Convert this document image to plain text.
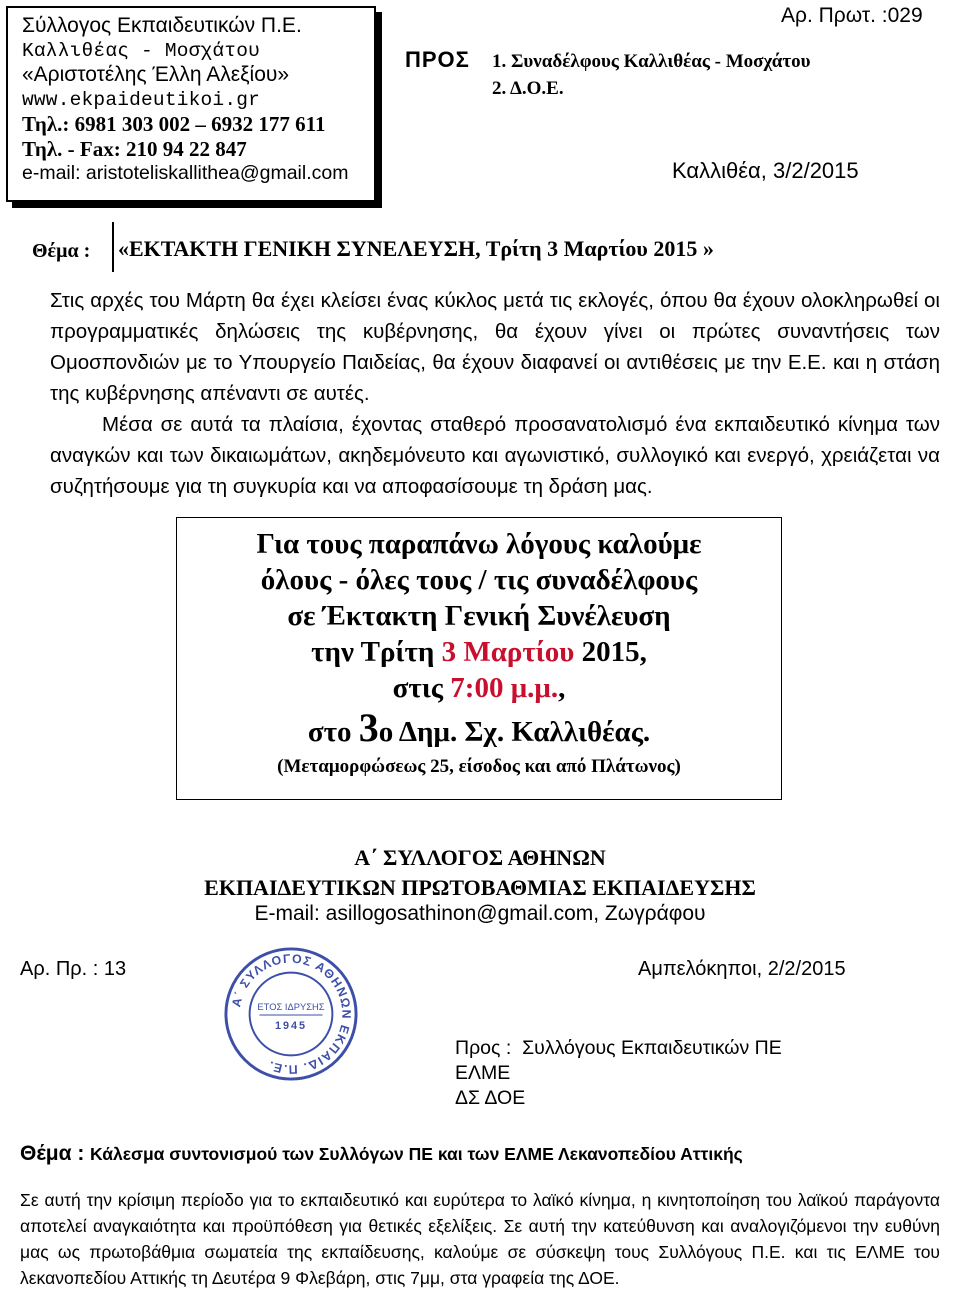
Σύλλογος Εκπαιδευτικών Π.Ε.
Καλλιθέας - Μοσχάτου
«Αριστοτέλης Έλλη Αλεξίου»
www.ekpaideutikoi.gr
Τηλ.: 6981 303 002 – 6932 177 611
Τηλ. - Fax: 210 94 22 847
e-mail: aristoteliskallithea@gmail.com
Αρ. Πρωτ. :029
ΠΡΟΣ 1. Συναδέλφους Καλλιθέας - Μοσχάτου
2. Δ.Ο.Ε.
Καλλιθέα, 3/2/2015
Θέμα : «ΕΚΤΑΚΤΗ ΓΕΝΙΚΗ ΣΥΝΕΛΕΥΣΗ, Τρίτη 3 Μαρτίου 2015 »

Στις αρχές του Μάρτη θα έχει κλείσει ένας κύκλος μετά τις εκλογές, όπου θα έχουν ολοκληρωθεί οι προγραμματικές δηλώσεις της κυβέρνησης, θα έχουν γίνει οι πρώτες συναντήσεις των Ομοσπονδιών με το Υπουργείο Παιδείας, θα έχουν διαφανεί οι αντιθέσεις με την Ε.Ε. και η στάση της κυβέρνησης απέναντι σε αυτές.

Μέσα σε αυτά τα πλαίσια, έχοντας σταθερό προσανατολισμό ένα εκπαιδευτικό κίνημα των αναγκών και των δικαιωμάτων, ακηδεμόνευτο και αγωνιστικό, συλλογικό και ενεργό, χρειάζεται να συζητήσουμε για τη συγκυρία και να αποφασίσουμε τη δράση μας.

Για τους παραπάνω λόγους καλούμε
όλους - όλες τους / τις συναδέλφους
σε Έκτακτη Γενική Συνέλευση
την Τρίτη 3 Μαρτίου 2015,
στις 7:00 μ.μ.,
στο 3ο Δημ. Σχ. Καλλιθέας.
(Μεταμορφώσεως 25, είσοδος και από Πλάτωνος)
Α΄ ΣΥΛΛΟΓΟΣ ΑΘΗΝΩΝ
ΕΚΠΑΙΔΕΥΤΙΚΩΝ ΠΡΩΤΟΒΑΘΜΙΑΣ ΕΚΠΑΙΔΕΥΣΗΣ
E-mail: asillogosathinon@gmail.com, Ζωγράφου
Αρ. Πρ. : 13	Αμπελόκηποι, 2/2/2015
Α΄ ΣΥΛΛΟΓΟΣ ΑΘΗΝΩΝ ΕΚΠΑΙΔ. Π.Ε.
ΕΤΟΣ ΙΔΡΥΣΗΣ
1945
Προς : Συλλόγους Εκπαιδευτικών ΠΕ
ΕΛΜΕ
ΔΣ ΔΟΕ
Θέμα : Κάλεσμα συντονισμού των Συλλόγων ΠΕ και των ΕΛΜΕ Λεκανοπεδίου Αττικής
Σε αυτή την κρίσιμη περίοδο για το εκπαιδευτικό και ευρύτερα το λαϊκό κίνημα, η κινητοποίηση του λαϊκού παράγοντα αποτελεί αναγκαιότητα και προϋπόθεση για θετικές εξελίξεις. Σε αυτή την κατεύθυνση και αναλογιζόμενοι την ευθύνη μας ως πρωτοβάθμια σωματεία της εκπαίδευσης, καλούμε σε σύσκεψη τους Συλλόγους Π.Ε. και τις ΕΛΜΕ του λεκανοπεδίου Αττικής τη Δευτέρα 9 Φλεβάρη, στις 7μμ, στα γραφεία της ΔΟΕ.
